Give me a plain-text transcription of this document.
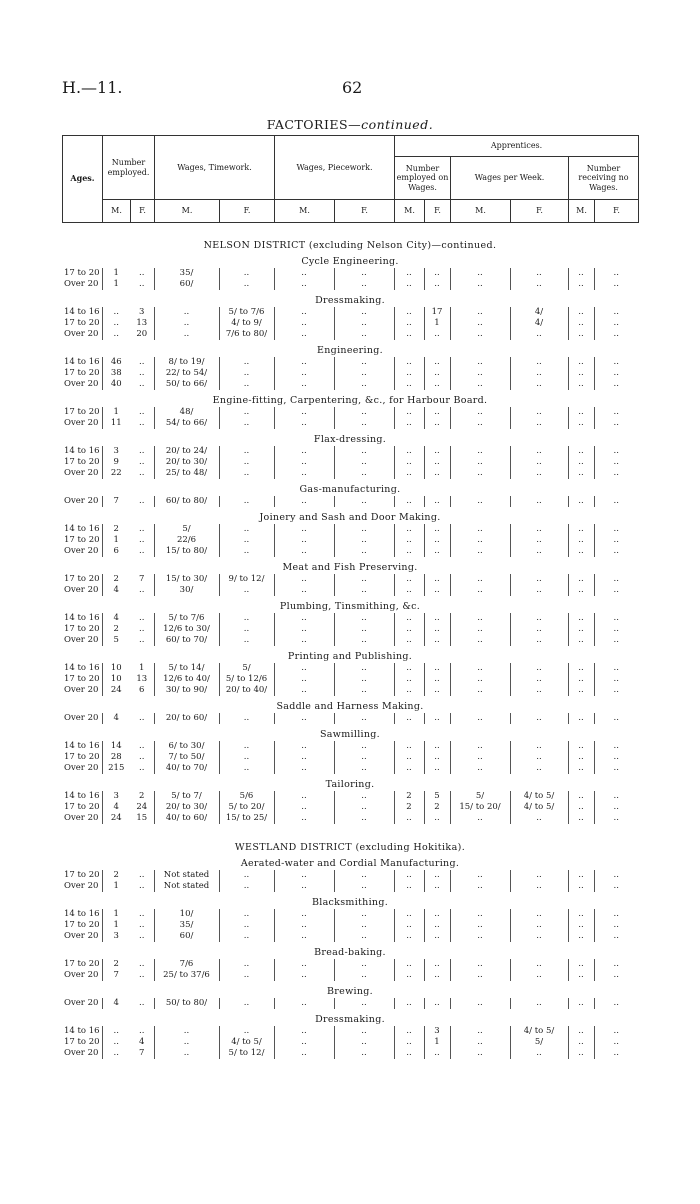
H.—11.	62
FACTORIES—continued.
Ages.	Number employed.		Wages, Timework.		Wages, Piecework.		Apprentices.					
							Number employed on Wages.		Wages per Week.		Number receiving no Wages.	
	M.	F.	M.	F.	M.	F.	M.	F.	M.	F.	M.	F.
NELSON DISTRICT (excluding Nelson City)—continued.
Cycle Engineering.
17 to 20	1	..	35/	..	..	..	..	..	..	..	..	..
Over 20	1	..	60/	..	..	..	..	..	..	..	..	..
Dressmaking.
14 to 16	..	3	..	5/ to 7/6	..	..	..	17	..	4/	..	..
17 to 20	..	13	..	4/ to 9/	..	..	..	1	..	4/	..	..
Over 20	..	20	..	7/6 to 80/	..	..	..	..	..	..	..	..
Engineering.
14 to 16	46	..	8/ to 19/	..	..	..	..	..	..	..	..	..
17 to 20	38	..	22/ to 54/	..	..	..	..	..	..	..	..	..
Over 20	40	..	50/ to 66/	..	..	..	..	..	..	..	..	..
Engine-fitting, Carpentering, &c., for Harbour Board.
17 to 20	1	..	48/	..	..	..	..	..	..	..	..	..
Over 20	11	..	54/ to 66/	..	..	..	..	..	..	..	..	..
Flax-dressing.
14 to 16	3	..	20/ to 24/	..	..	..	..	..	..	..	..	..
17 to 20	9	..	20/ to 30/	..	..	..	..	..	..	..	..	..
Over 20	22	..	25/ to 48/	..	..	..	..	..	..	..	..	..
Gas-manufacturing.
Over 20	7	..	60/ to 80/	..	..	..	..	..	..	..	..	..
Joinery and Sash and Door Making.
14 to 16	2	..	5/	..	..	..	..	..	..	..	..	..
17 to 20	1	..	22/6	..	..	..	..	..	..	..	..	..
Over 20	6	..	15/ to 80/	..	..	..	..	..	..	..	..	..
Meat and Fish Preserving.
17 to 20	2	7	15/ to 30/	9/ to 12/	..	..	..	..	..	..	..	..
Over 20	4	..	30/	..	..	..	..	..	..	..	..	..
Plumbing, Tinsmithing, &c.
14 to 16	4	..	5/ to 7/6	..	..	..	..	..	..	..	..	..
17 to 20	2	..	12/6 to 30/	..	..	..	..	..	..	..	..	..
Over 20	5	..	60/ to 70/	..	..	..	..	..	..	..	..	..
Printing and Publishing.
14 to 16	10	1	5/ to 14/	5/	..	..	..	..	..	..	..	..
17 to 20	10	13	12/6 to 40/	5/ to 12/6	..	..	..	..	..	..	..	..
Over 20	24	6	30/ to 90/	20/ to 40/	..	..	..	..	..	..	..	..
Saddle and Harness Making.
Over 20	4	..	20/ to 60/	..	..	..	..	..	..	..	..	..
Sawmilling.
14 to 16	14	..	6/ to 30/	..	..	..	..	..	..	..	..	..
17 to 20	28	..	7/ to 50/	..	..	..	..	..	..	..	..	..
Over 20	215	..	40/ to 70/	..	..	..	..	..	..	..	..	..
Tailoring.
14 to 16	3	2	5/ to 7/	5/6	..	..	2	5	5/	4/ to 5/	..	..
17 to 20	4	24	20/ to 30/	5/ to 20/	..	..	2	2	15/ to 20/	4/ to 5/	..	..
Over 20	24	15	40/ to 60/	15/ to 25/	..	..	..	..	..	..	..	..
WESTLAND DISTRICT (excluding Hokitika).
Aerated-water and Cordial Manufacturing.
17 to 20	2	..	Not stated	..	..	..	..	..	..	..	..	..
Over 20	1	..	Not stated	..	..	..	..	..	..	..	..	..
Blacksmithing.
14 to 16	1	..	10/	..	..	..	..	..	..	..	..	..
17 to 20	1	..	35/	..	..	..	..	..	..	..	..	..
Over 20	3	..	60/	..	..	..	..	..	..	..	..	..
Bread-baking.
17 to 20	2	..	7/6	..	..	..	..	..	..	..	..	..
Over 20	7	..	25/ to 37/6	..	..	..	..	..	..	..	..	..
Brewing.
Over 20	4	..	50/ to 80/	..	..	..	..	..	..	..	..	..
Dressmaking.
14 to 16	..	..	..	..	..	..	..	3	..	4/ to 5/	..	..
17 to 20	..	4	..	4/ to 5/	..	..	..	1	..	5/	..	..
Over 20	..	7	..	5/ to 12/	..	..	..	..	..	..	..	..
